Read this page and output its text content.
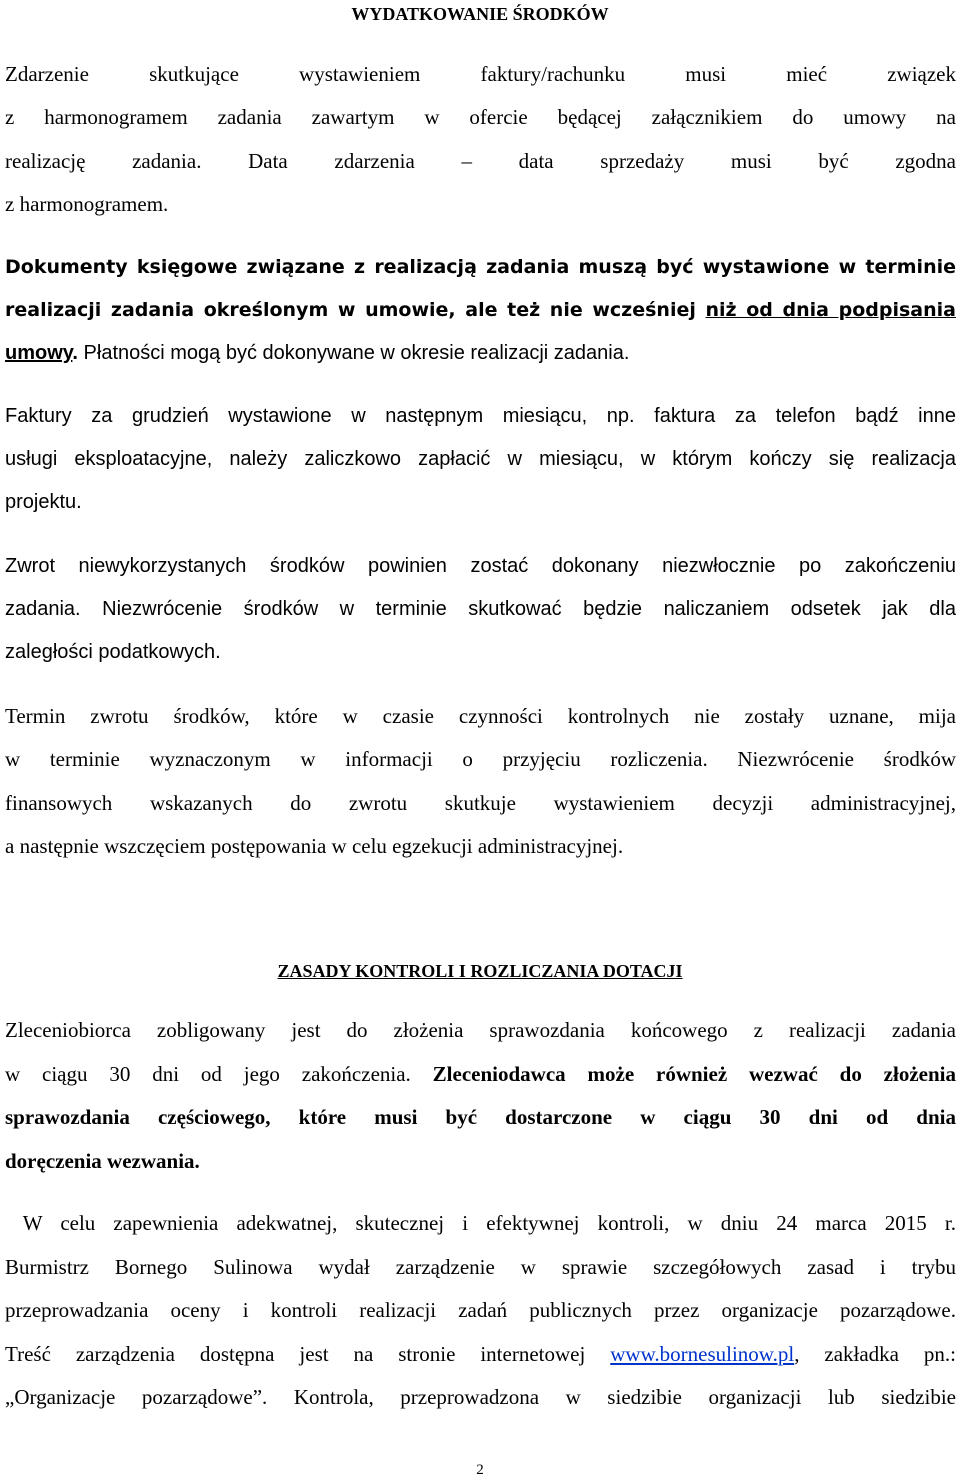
WYDATKOWANIE ŚRODKÓW

Zdarzenie skutkujące wystawieniem faktury/rachunku musi mieć związek

z harmonogramem zadania zawartym w ofercie będącej załącznikiem do umowy na

realizację zadania. Data zdarzenia – data sprzedaży musi być zgodna

z harmonogramem.

Dokumenty księgowe związane z realizacją zadania muszą być wystawione w terminie

realizacji zadania określonym w umowie, ale też nie wcześniej niż od dnia podpisania

umowy. Płatności mogą być dokonywane w okresie realizacji zadania.

Faktury za grudzień wystawione w następnym miesiącu, np. faktura za telefon bądź inne

usługi eksploatacyjne, należy zaliczkowo zapłacić w miesiącu, w którym kończy się realizacja

projektu.

Zwrot niewykorzystanych środków powinien zostać dokonany niezwłocznie po zakończeniu

zadania. Niezwrócenie środków w terminie skutkować będzie naliczaniem odsetek jak dla

zaległości podatkowych.

Termin zwrotu środków, które w czasie czynności kontrolnych nie zostały uznane, mija

w terminie wyznaczonym w informacji o przyjęciu rozliczenia. Niezwrócenie środków

finansowych wskazanych do zwrotu skutkuje wystawieniem decyzji administracyjnej,

a następnie wszczęciem postępowania w celu egzekucji administracyjnej.

ZASADY KONTROLI I ROZLICZANIA DOTACJI

Zleceniobiorca zobligowany jest do złożenia sprawozdania końcowego z realizacji zadania

w ciągu 30 dni od jego zakończenia. Zleceniodawca może również wezwać do złożenia

sprawozdania częściowego, które musi być dostarczone w ciągu 30 dni od dnia

doręczenia wezwania.

W celu zapewnienia adekwatnej, skutecznej i efektywnej kontroli, w dniu 24 marca 2015 r.

Burmistrz Bornego Sulinowa wydał zarządzenie w sprawie szczegółowych zasad i trybu

przeprowadzania oceny i kontroli realizacji zadań publicznych przez organizacje pozarządowe.

Treść zarządzenia dostępna jest na stronie internetowej www.bornesulinow.pl, zakładka pn.:

„Organizacje pozarządowe”. Kontrola, przeprowadzona w siedzibie organizacji lub siedzibie

2
